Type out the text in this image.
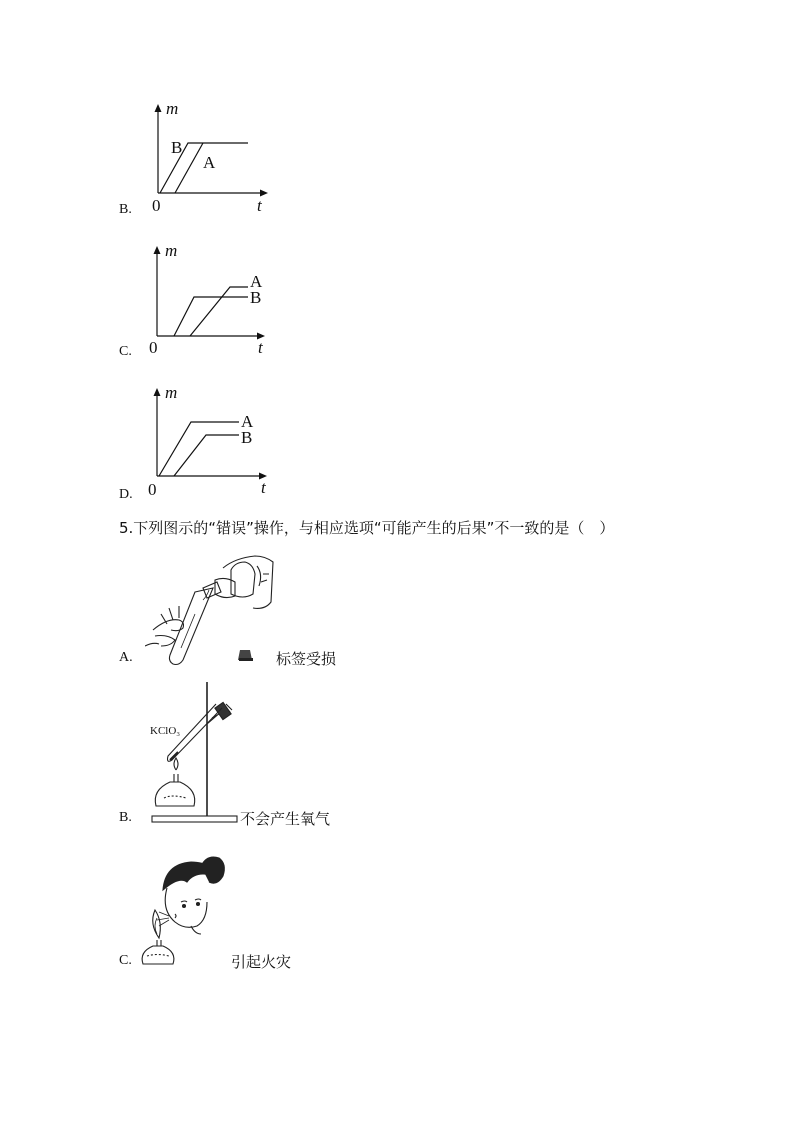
B.
m
t
0
B
A
C.
m
t
0
A
B
D.
m
t
0
A
B
5.下列图示的“错误”操作，与相应选项“可能产生的后果”不一致的是（　）
A.	标签受损
B.
KClO₃
不会产生氧气
C.	引起火灾
